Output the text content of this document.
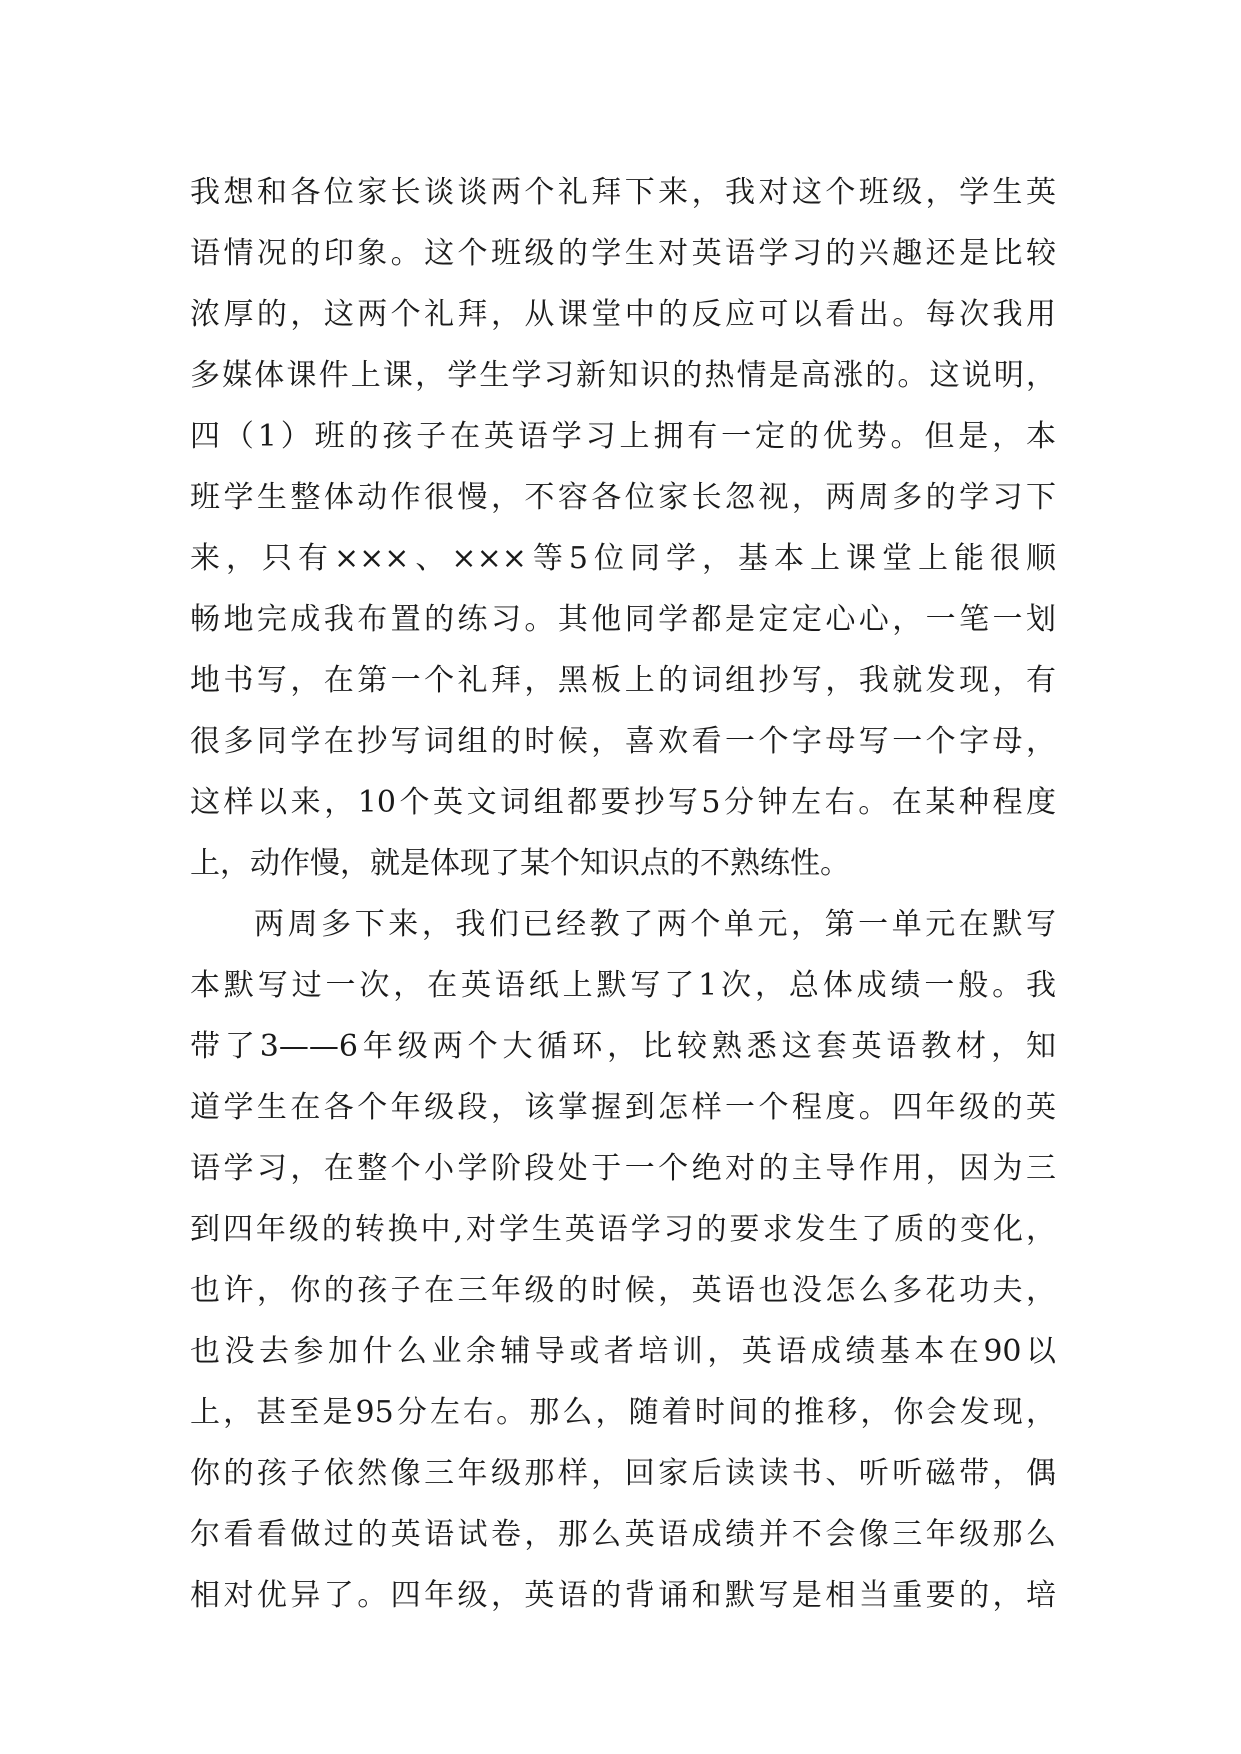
我想和各位家长谈谈两个礼拜下来，我对这个班级，学生英
语情况的印象。这个班级的学生对英语学习的兴趣还是比较
浓厚的，这两个礼拜，从课堂中的反应可以看出。每次我用
多媒体课件上课，学生学习新知识的热情是高涨的。这说明，
四（1）班的孩子在英语学习上拥有一定的优势。但是，本
班学生整体动作很慢，不容各位家长忽视，两周多的学习下
来，只有×××、×××等5位同学，基本上课堂上能很顺
畅地完成我布置的练习。其他同学都是定定心心，一笔一划
地书写，在第一个礼拜，黑板上的词组抄写，我就发现，有
很多同学在抄写词组的时候，喜欢看一个字母写一个字母，
这样以来，10个英文词组都要抄写5分钟左右。在某种程度
上，动作慢，就是体现了某个知识点的不熟练性。
两周多下来，我们已经教了两个单元，第一单元在默写
本默写过一次，在英语纸上默写了1次，总体成绩一般。我
带了3——6年级两个大循环，比较熟悉这套英语教材，知
道学生在各个年级段，该掌握到怎样一个程度。四年级的英
语学习，在整个小学阶段处于一个绝对的主导作用，因为三
到四年级的转换中,对学生英语学习的要求发生了质的变化，
也许，你的孩子在三年级的时候，英语也没怎么多花功夫，
也没去参加什么业余辅导或者培训，英语成绩基本在90以
上，甚至是95分左右。那么，随着时间的推移，你会发现，
你的孩子依然像三年级那样，回家后读读书、听听磁带，偶
尔看看做过的英语试卷，那么英语成绩并不会像三年级那么
相对优异了。四年级，英语的背诵和默写是相当重要的，培
